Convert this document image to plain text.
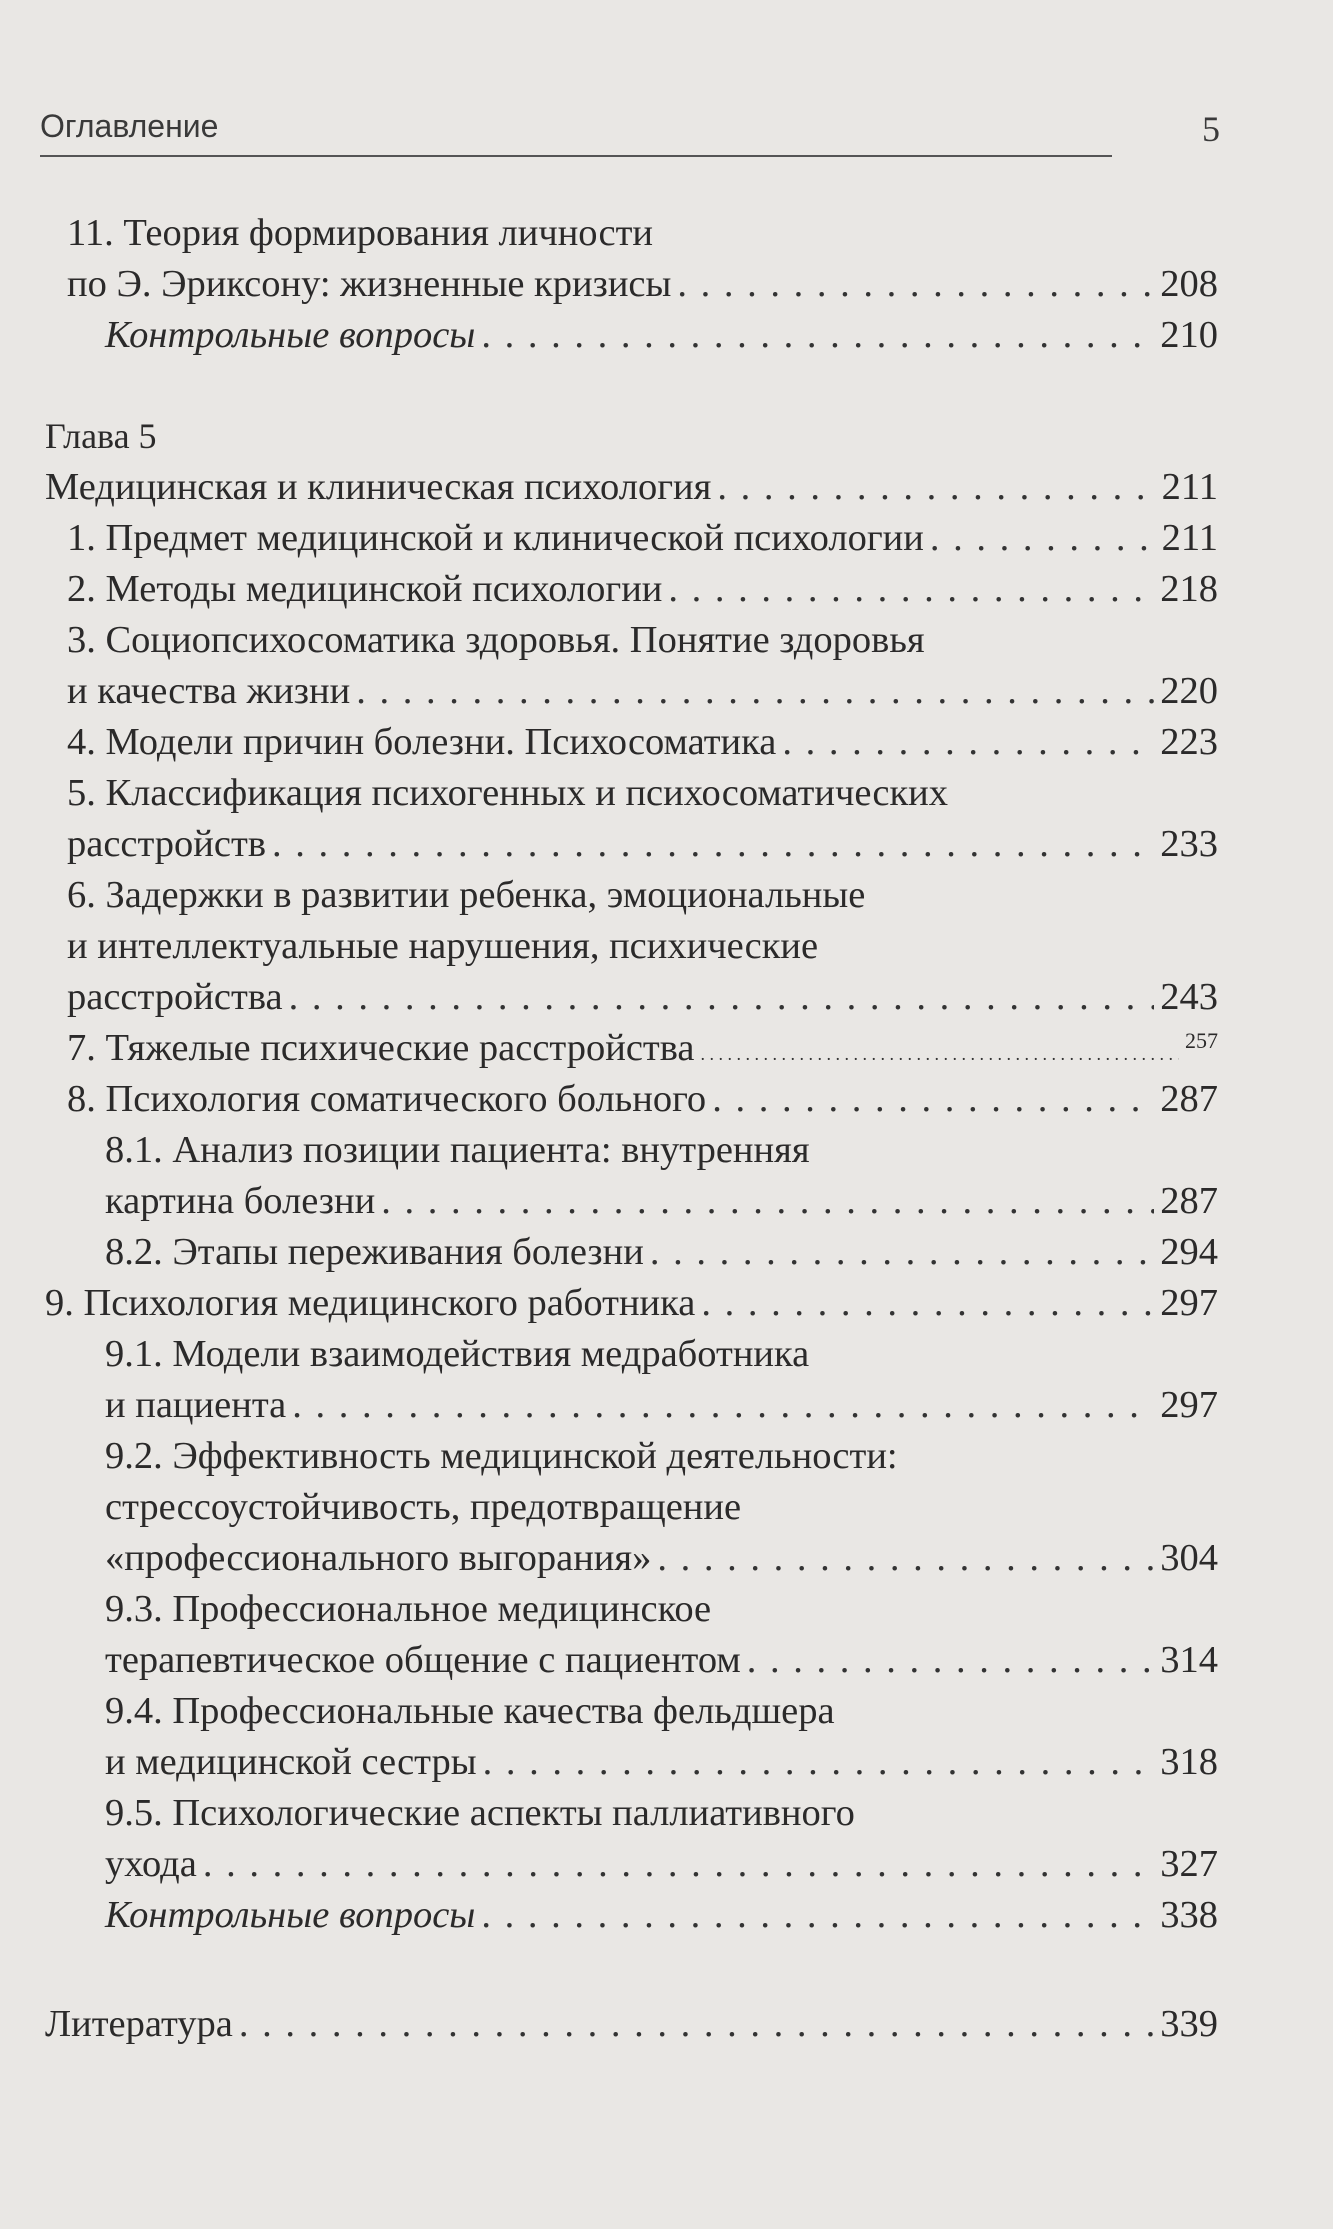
Оглавление	5
11. Теория формирования личности
по Э. Эриксону: жизненные кризисы . . .	208
Контрольные вопросы . . .	210
Глава 5
Медицинская и клиническая психология . . .	211
1. Предмет медицинской и клинической психологии . . .	211
2. Методы медицинской психологии . . .	218
3. Социопсихосоматика здоровья. Понятие здоровья
и качества жизни . . .	220
4. Модели причин болезни. Психосоматика . . .	223
5. Классификация психогенных и психосоматических
расстройств . . .	233
6. Задержки в развитии ребенка, эмоциональные
и интеллектуальные нарушения, психические
расстройства . . .	243
7. Тяжелые психические расстройства . . .	257
8. Психология соматического больного . . .	287
8.1. Анализ позиции пациента: внутренняя
картина болезни . . .	287
8.2. Этапы переживания болезни . . .	294
9. Психология медицинского работника . . .	297
9.1. Модели взаимодействия медработника
и пациента . . .	297
9.2. Эффективность медицинской деятельности:
стрессоустойчивость, предотвращение
«профессионального выгорания» . . .	304
9.3. Профессиональное медицинское
терапевтическое общение с пациентом . . .	314
9.4. Профессиональные качества фельдшера
и медицинской сестры . . .	318
9.5. Психологические аспекты паллиативного
ухода . . .	327
Контрольные вопросы . . .	338
Литература . . .	339
